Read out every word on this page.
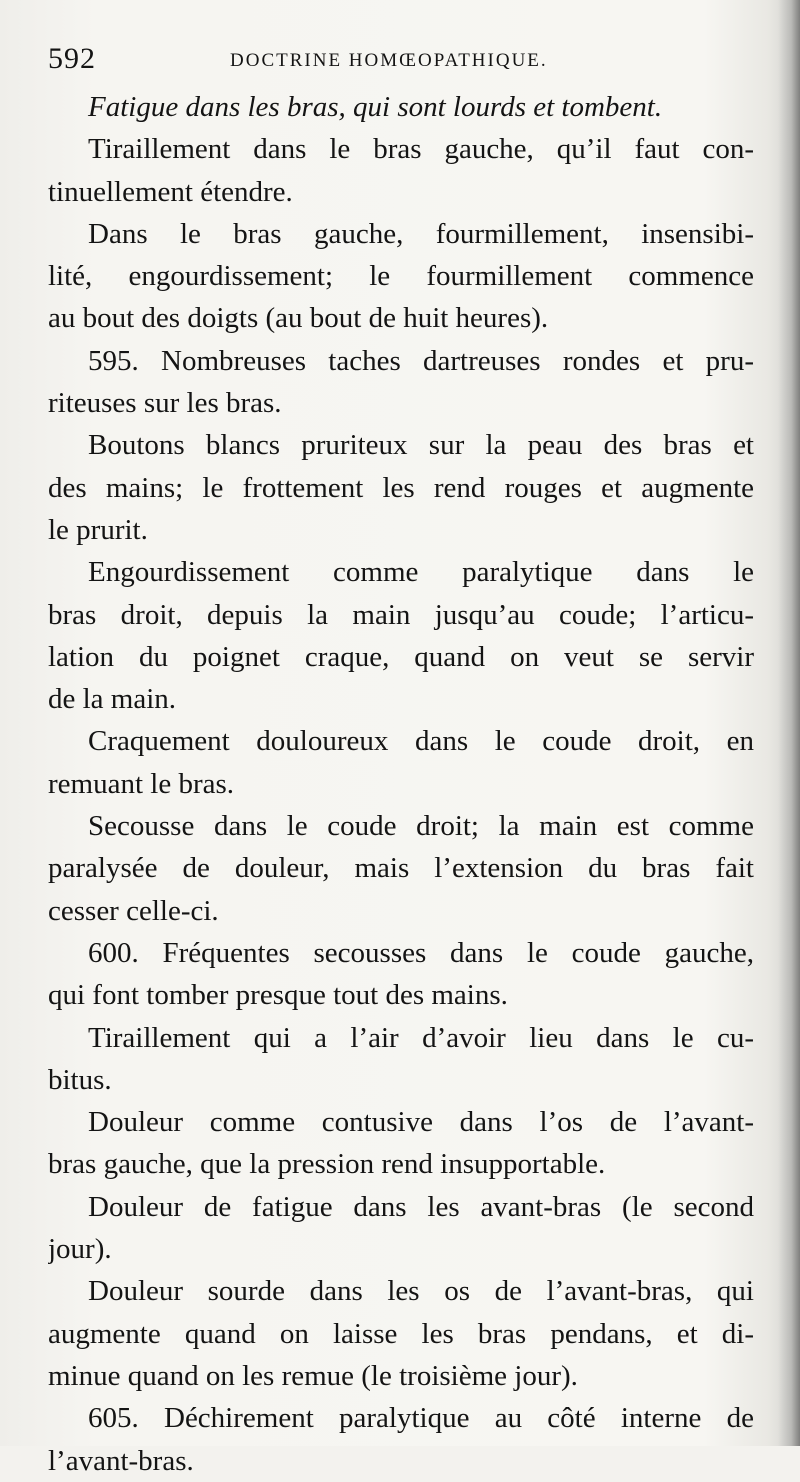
592	DOCTRINE HOMŒOPATHIQUE.
Fatigue dans les bras, qui sont lourds et tombent.
Tiraillement dans le bras gauche, qu’il faut con-
tinuellement étendre.
Dans le bras gauche, fourmillement, insensibi-
lité, engourdissement; le fourmillement commence
au bout des doigts (au bout de huit heures).
595. Nombreuses taches dartreuses rondes et pru-
riteuses sur les bras.
Boutons blancs pruriteux sur la peau des bras et
des mains; le frottement les rend rouges et augmente
le prurit.
Engourdissement comme paralytique dans le
bras droit, depuis la main jusqu’au coude; l’articu-
lation du poignet craque, quand on veut se servir
de la main.
Craquement douloureux dans le coude droit, en
remuant le bras.
Secousse dans le coude droit; la main est comme
paralysée de douleur, mais l’extension du bras fait
cesser celle-ci.
600. Fréquentes secousses dans le coude gauche,
qui font tomber presque tout des mains.
Tiraillement qui a l’air d’avoir lieu dans le cu-
bitus.
Douleur comme contusive dans l’os de l’avant-
bras gauche, que la pression rend insupportable.
Douleur de fatigue dans les avant-bras (le second
jour).
Douleur sourde dans les os de l’avant-bras, qui
augmente quand on laisse les bras pendans, et di-
minue quand on les remue (le troisième jour).
605. Déchirement paralytique au côté interne de
l’avant-bras.
